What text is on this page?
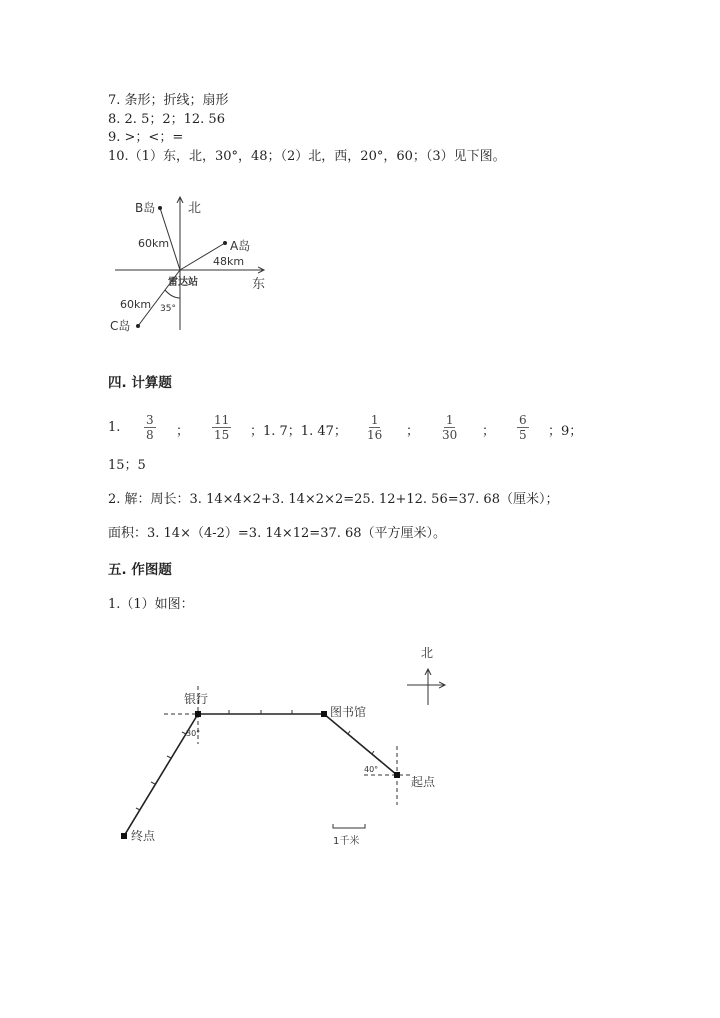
7. 条形；折线；扇形
8. 2. 5；2；12. 56
9. >；<；=
10.（1）东，北，30°，48；（2）北，西，20°，60；（3）见下图。
B岛	北
A岛
60km
48km
雷达站	东
60km 35°
C岛
北
银行
图书馆
起点
终点
30°
40°
1千米
四. 计算题
1. $\frac{3}{8}$ ； $\frac{11}{15}$ ；1. 7；1. 47； $\frac{1}{16}$ ； $\frac{1}{30}$ ； $\frac{6}{5}$ ；9；
15；5
2. 解：周长：3. 14×4×2+3. 14×2×2=25. 12+12. 56=37. 68（厘米）；
面积：3. 14×（4-2）=3. 14×12=37. 68（平方厘米）。
五. 作图题
1.（1）如图：
